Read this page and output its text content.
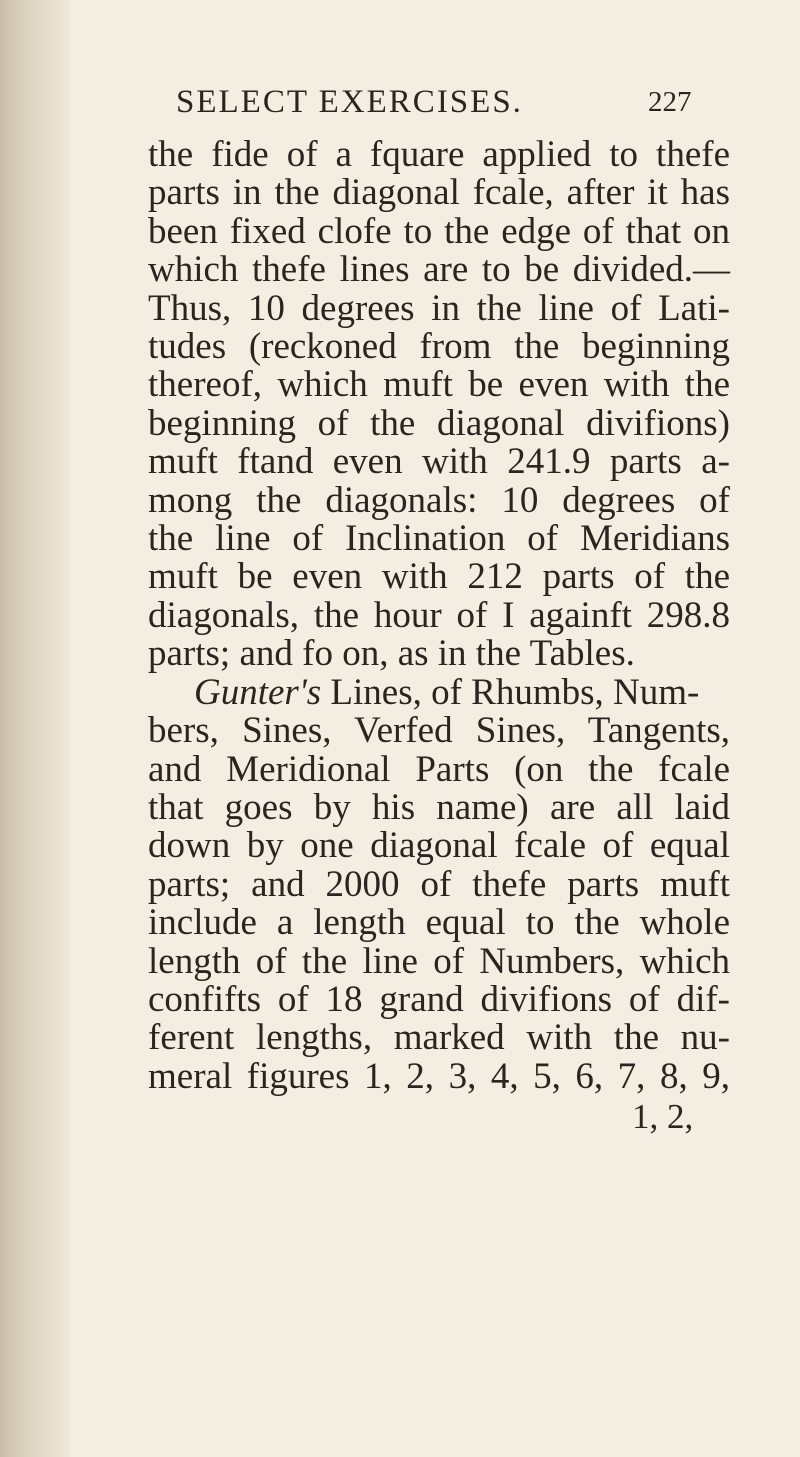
SELECT EXERCISES.	227
the fide of a fquare applied to thefe
parts in the diagonal fcale, after it has
been fixed clofe to the edge of that on
which thefe lines are to be divided.—
Thus, 10 degrees in the line of Lati-
tudes (reckoned from the beginning
thereof, which muft be even with the
beginning of the diagonal divifions)
muft ftand even with 241.9 parts a-
mong the diagonals: 10 degrees of
the line of Inclination of Meridians
muft be even with 212 parts of the
diagonals, the hour of I againft 298.8
parts; and fo on, as in the Tables.
Gunter's Lines, of Rhumbs, Num-
bers, Sines, Verfed Sines, Tangents,
and Meridional Parts (on the fcale
that goes by his name) are all laid
down by one diagonal fcale of equal
parts; and 2000 of thefe parts muft
include a length equal to the whole
length of the line of Numbers, which
confifts of 18 grand divifions of dif-
ferent lengths, marked with the nu-
meral figures 1, 2, 3, 4, 5, 6, 7, 8, 9,
1, 2,
